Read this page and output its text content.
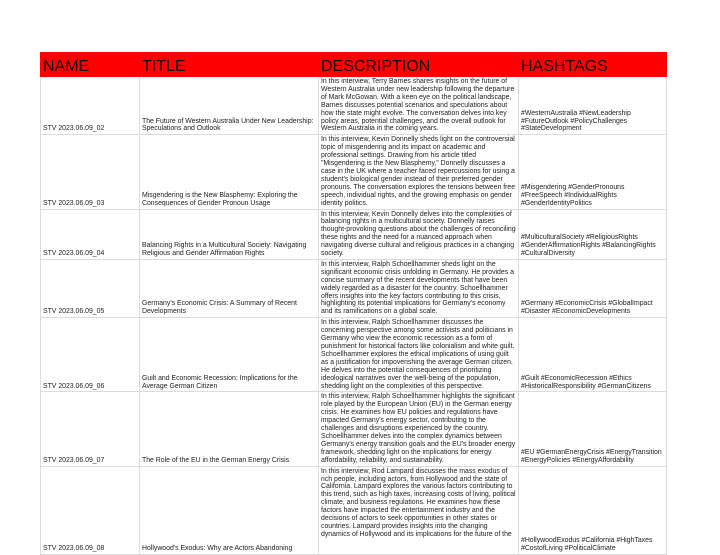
NAME	TITLE	DESCRIPTION	HASHTAGS
STV 2023.06.09_02	The Future of Western Australia Under New Leadership: Speculations and Outlook	In this interview, Terry Barnes shares insights on the future of Western Australia under new leadership following the departure of Mark McGowan. With a keen eye on the political landscape, Barnes discusses potential scenarios and speculations about how the state might evolve. The conversation delves into key policy areas, potential challenges, and the overall outlook for Western Australia in the coming years.	#WesternAustralia #NewLeadership #FutureOutlook #PolicyChallenges #StateDevelopment
STV 2023.06.09_03	Misgendering is the New Blasphemy: Exploring the Consequences of Gender Pronoun Usage	In this interview, Kevin Donnelly sheds light on the controversial topic of misgendering and its impact on academic and professional settings. Drawing from his article titled "Misgendering is the New Blasphemy," Donnelly discusses a case in the UK where a teacher faced repercussions for using a student's biological gender instead of their preferred gender pronouns. The conversation explores the tensions between free speech, individual rights, and the growing emphasis on gender identity politics.	#Misgendering #GenderPronouns #FreeSpeech #IndividualRights #GenderIdentityPolitics
STV 2023.06.09_04	Balancing Rights in a Multicultural Society: Navigating Religious and Gender Affirmation Rights	In this interview, Kevin Donnelly delves into the complexities of balancing rights in a multicultural society. Donnelly raises thought-provoking questions about the challenges of reconciling these rights and the need for a nuanced approach when navigating diverse cultural and religious practices in a changing society.	#MulticulturalSociety #ReligiousRights #GenderAffirmationRights #BalancingRights #CulturalDiversity
STV 2023.06.09_05	Germany's Economic Crisis: A Summary of Recent Developments	In this interview, Ralph Schoellhammer sheds light on the significant economic crisis unfolding in Germany. He provides a concise summary of the recent developments that have been widely regarded as a disaster for the country. Schoellhammer offers insights into the key factors contributing to this crisis, highlighting its potential implications for Germany's economy and its ramifications on a global scale.	#Germany #EconomicCrisis #GlobalImpact #Disaster #EconomicDevelopments
STV 2023.06.09_06	Guilt and Economic Recession: Implications for the Average German Citizen	In this interview, Ralph Schoellhammer discusses the concerning perspective among some activists and politicians in Germany who view the economic recession as a form of punishment for historical factors like colonialism and white guilt. Schoellhammer explores the ethical implications of using guilt as a justification for impoverishing the average German citizen. He delves into the potential consequences of prioritizing ideological narratives over the well-being of the population, shedding light on the complexities of this perspective.	#Guilt #EconomicRecession #Ethics #HistoricalResponsibility #GermanCitizens
STV 2023.06.09_07	The Role of the EU in the German Energy Crisis	In this interview, Ralph Schoellhammer highlights the significant role played by the European Union (EU) in the German energy crisis. He examines how EU policies and regulations have impacted Germany's energy sector, contributing to the challenges and disruptions experienced by the country. Schoellhammer delves into the complex dynamics between Germany's energy transition goals and the EU's broader energy framework, shedding light on the implications for energy affordability, reliability, and sustainability.	#EU #GermanEnergyCrisis #EnergyTransition #EnergyPolicies #EnergyAffordability
STV 2023.06.09_08	Hollywood's Exodus: Why are Actors Abandoning	In this interview, Rod Lampard discusses the mass exodus of rich people, including actors, from Hollywood and the state of California. Lampard explores the various factors contributing to this trend, such as high taxes, increasing costs of living, political climate, and business regulations. He examines how these factors have impacted the entertainment industry and the decisions of actors to seek opportunities in other states or countries. Lampard provides insights into the changing dynamics of Hollywood and its implications for the future of the	#HollywoodExodus #California #HighTaxes #CostofLiving #PoliticalClimate
